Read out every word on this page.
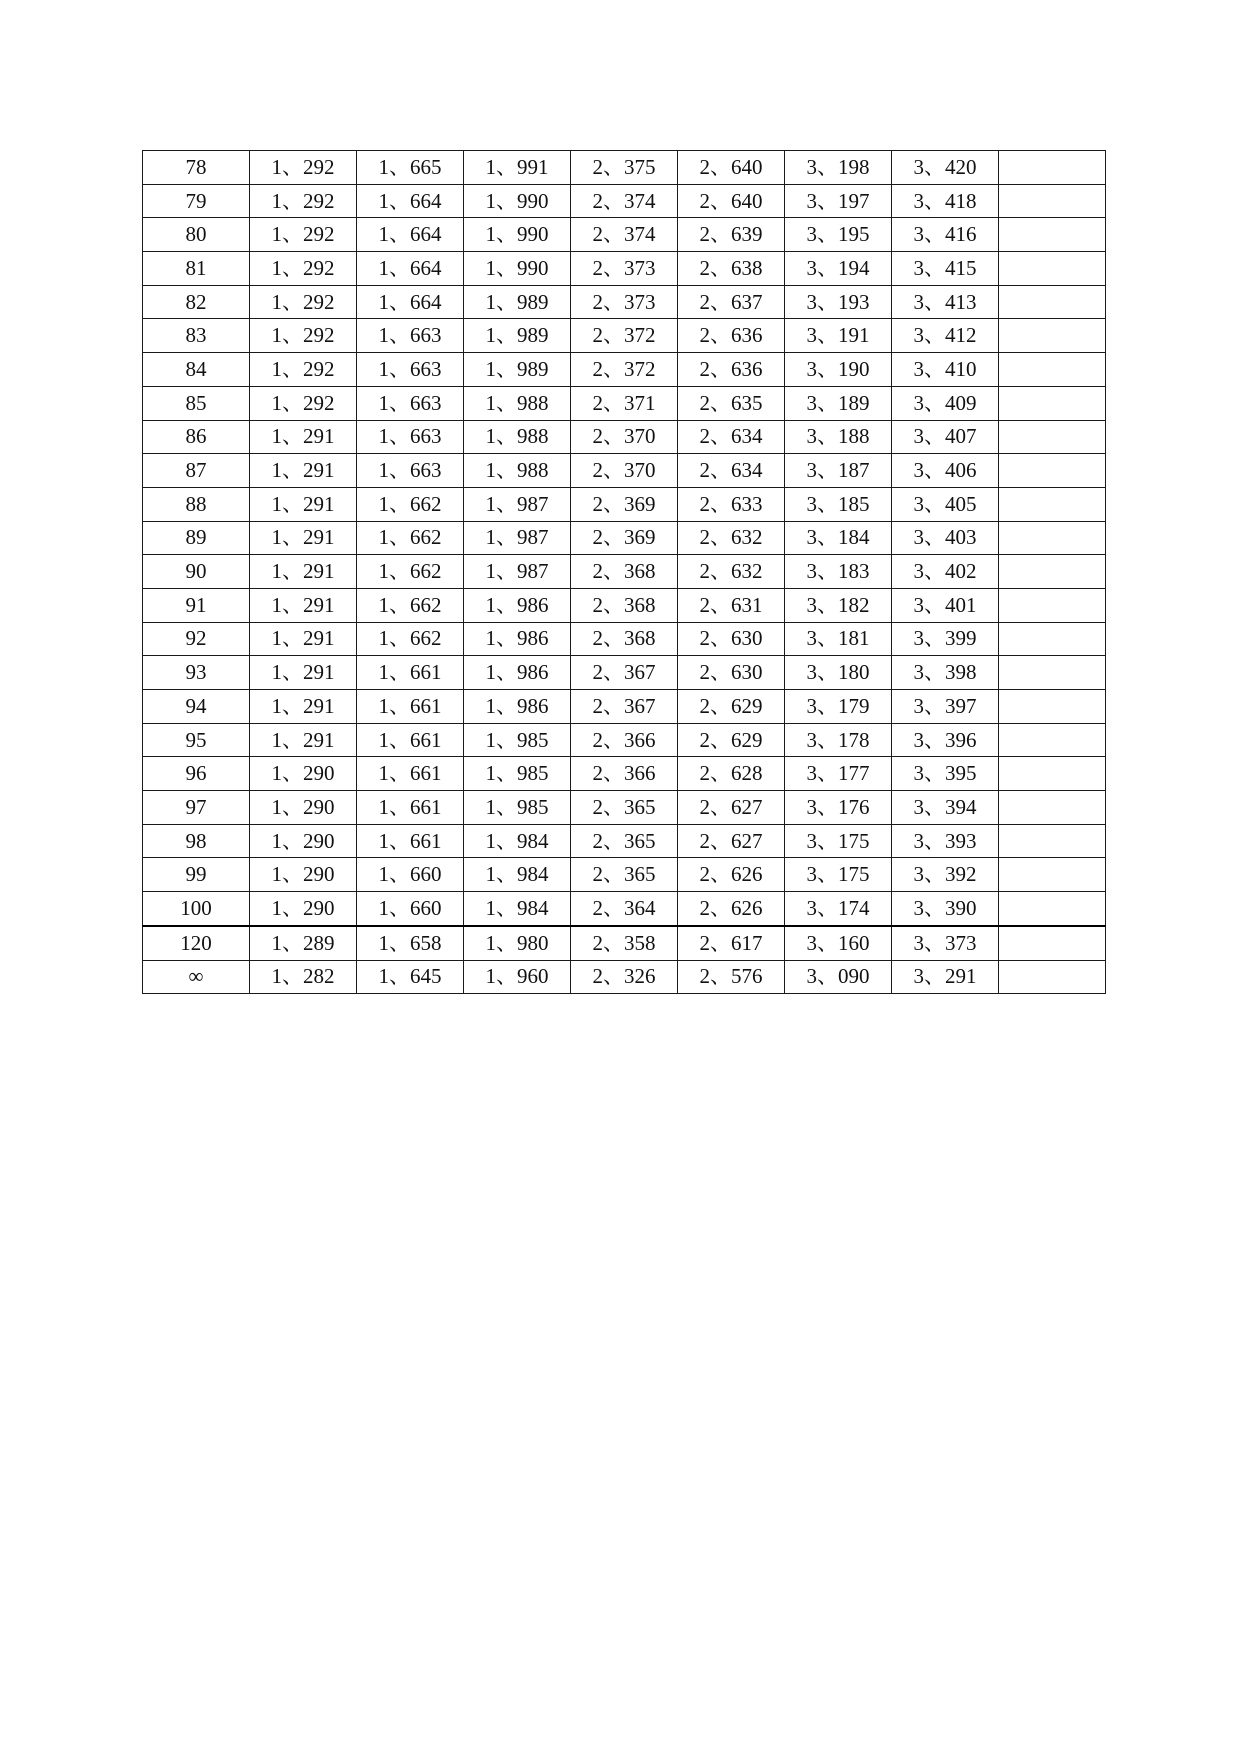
78	1、292	1、665	1、991	2、375	2、640	3、198	3、420	
79	1、292	1、664	1、990	2、374	2、640	3、197	3、418	
80	1、292	1、664	1、990	2、374	2、639	3、195	3、416	
81	1、292	1、664	1、990	2、373	2、638	3、194	3、415	
82	1、292	1、664	1、989	2、373	2、637	3、193	3、413	
83	1、292	1、663	1、989	2、372	2、636	3、191	3、412	
84	1、292	1、663	1、989	2、372	2、636	3、190	3、410	
85	1、292	1、663	1、988	2、371	2、635	3、189	3、409	
86	1、291	1、663	1、988	2、370	2、634	3、188	3、407	
87	1、291	1、663	1、988	2、370	2、634	3、187	3、406	
88	1、291	1、662	1、987	2、369	2、633	3、185	3、405	
89	1、291	1、662	1、987	2、369	2、632	3、184	3、403	
90	1、291	1、662	1、987	2、368	2、632	3、183	3、402	
91	1、291	1、662	1、986	2、368	2、631	3、182	3、401	
92	1、291	1、662	1、986	2、368	2、630	3、181	3、399	
93	1、291	1、661	1、986	2、367	2、630	3、180	3、398	
94	1、291	1、661	1、986	2、367	2、629	3、179	3、397	
95	1、291	1、661	1、985	2、366	2、629	3、178	3、396	
96	1、290	1、661	1、985	2、366	2、628	3、177	3、395	
97	1、290	1、661	1、985	2、365	2、627	3、176	3、394	
98	1、290	1、661	1、984	2、365	2、627	3、175	3、393	
99	1、290	1、660	1、984	2、365	2、626	3、175	3、392	
100	1、290	1、660	1、984	2、364	2、626	3、174	3、390	
120	1、289	1、658	1、980	2、358	2、617	3、160	3、373	
∞	1、282	1、645	1、960	2、326	2、576	3、090	3、291	
